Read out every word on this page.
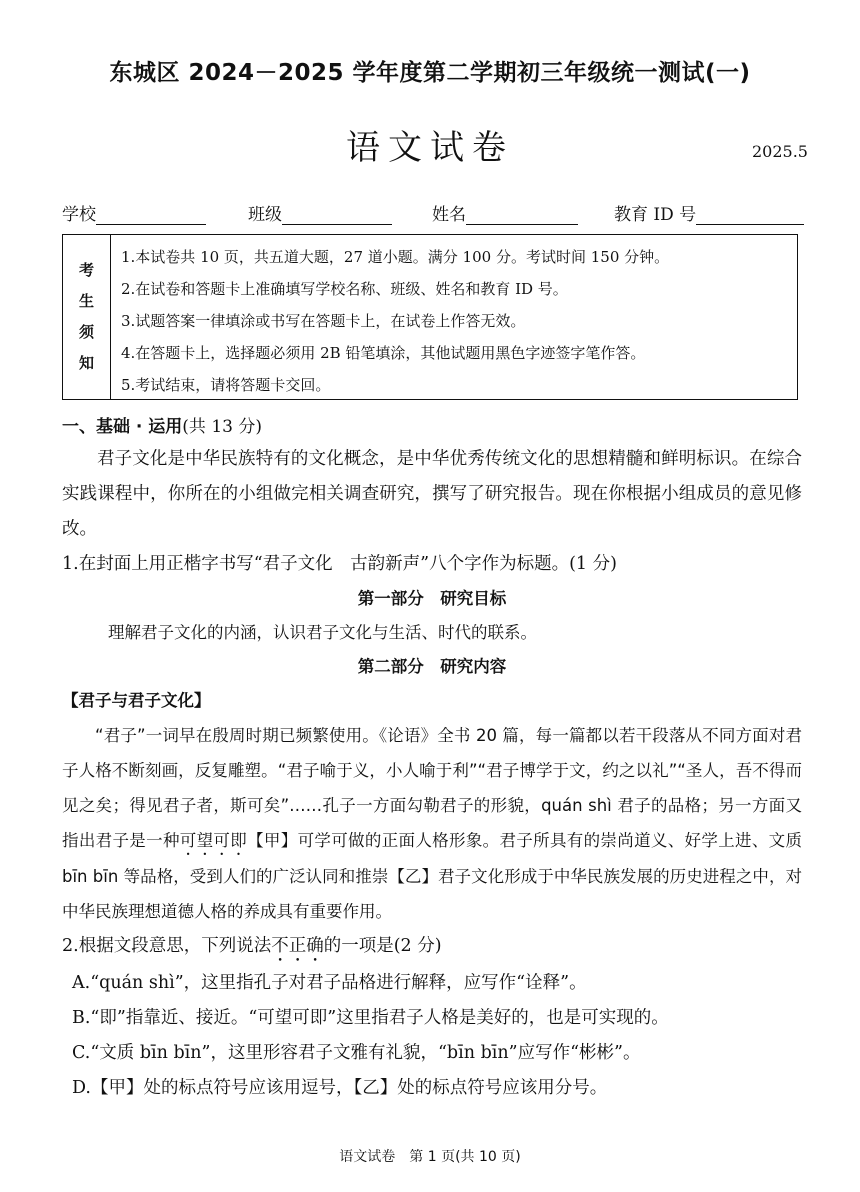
东城区 2024－2025 学年度第二学期初三年级统一测试(一)
语文试卷	2025.5
学校	班级	姓名	教育 ID 号
考
生
须
知
1.本试卷共 10 页，共五道大题，27 道小题。满分 100 分。考试时间 150 分钟。
2.在试卷和答题卡上准确填写学校名称、班级、姓名和教育 ID 号。
3.试题答案一律填涂或书写在答题卡上，在试卷上作答无效。
4.在答题卡上，选择题必须用 2B 铅笔填涂，其他试题用黑色字迹签字笔作答。
5.考试结束，请将答题卡交回。
一、基础 · 运用(共 13 分)

君子文化是中华民族特有的文化概念，是中华优秀传统文化的思想精髓和鲜明标识。在综合实践课程中，你所在的小组做完相关调查研究，撰写了研究报告。现在你根据小组成员的意见修改。

1.在封面上用正楷字书写“君子文化　古韵新声”八个字作为标题。(1 分)

第一部分　研究目标

理解君子文化的内涵，认识君子文化与生活、时代的联系。

第二部分　研究内容

【君子与君子文化】

“君子”一词早在殷周时期已频繁使用。《论语》全书 20 篇，每一篇都以若干段落从不同方面对君子人格不断刻画，反复雕塑。“君子喻于义，小人喻于利”“君子博学于文，约之以礼”“圣人，吾不得而见之矣；得见君子者，斯可矣”……孔子一方面勾勒君子的形貌，quán shì 君子的品格；另一方面又指出君子是一种可望可即【甲】可学可做的正面人格形象。君子所具有的崇尚道义、好学上进、文质 bīn bīn 等品格，受到人们的广泛认同和推崇【乙】君子文化形成于中华民族发展的历史进程之中，对中华民族理想道德人格的养成具有重要作用。

2.根据文段意思，下列说法不正确的一项是(2 分)

A.“quán shì”，这里指孔子对君子品格进行解释，应写作“诠释”。

B.“即”指靠近、接近。“可望可即”这里指君子人格是美好的，也是可实现的。

C.“文质 bīn bīn”，这里形容君子文雅有礼貌，“bīn bīn”应写作“彬彬”。

D.【甲】处的标点符号应该用逗号，【乙】处的标点符号应该用分号。

语文试卷　第 1 页(共 10 页)
